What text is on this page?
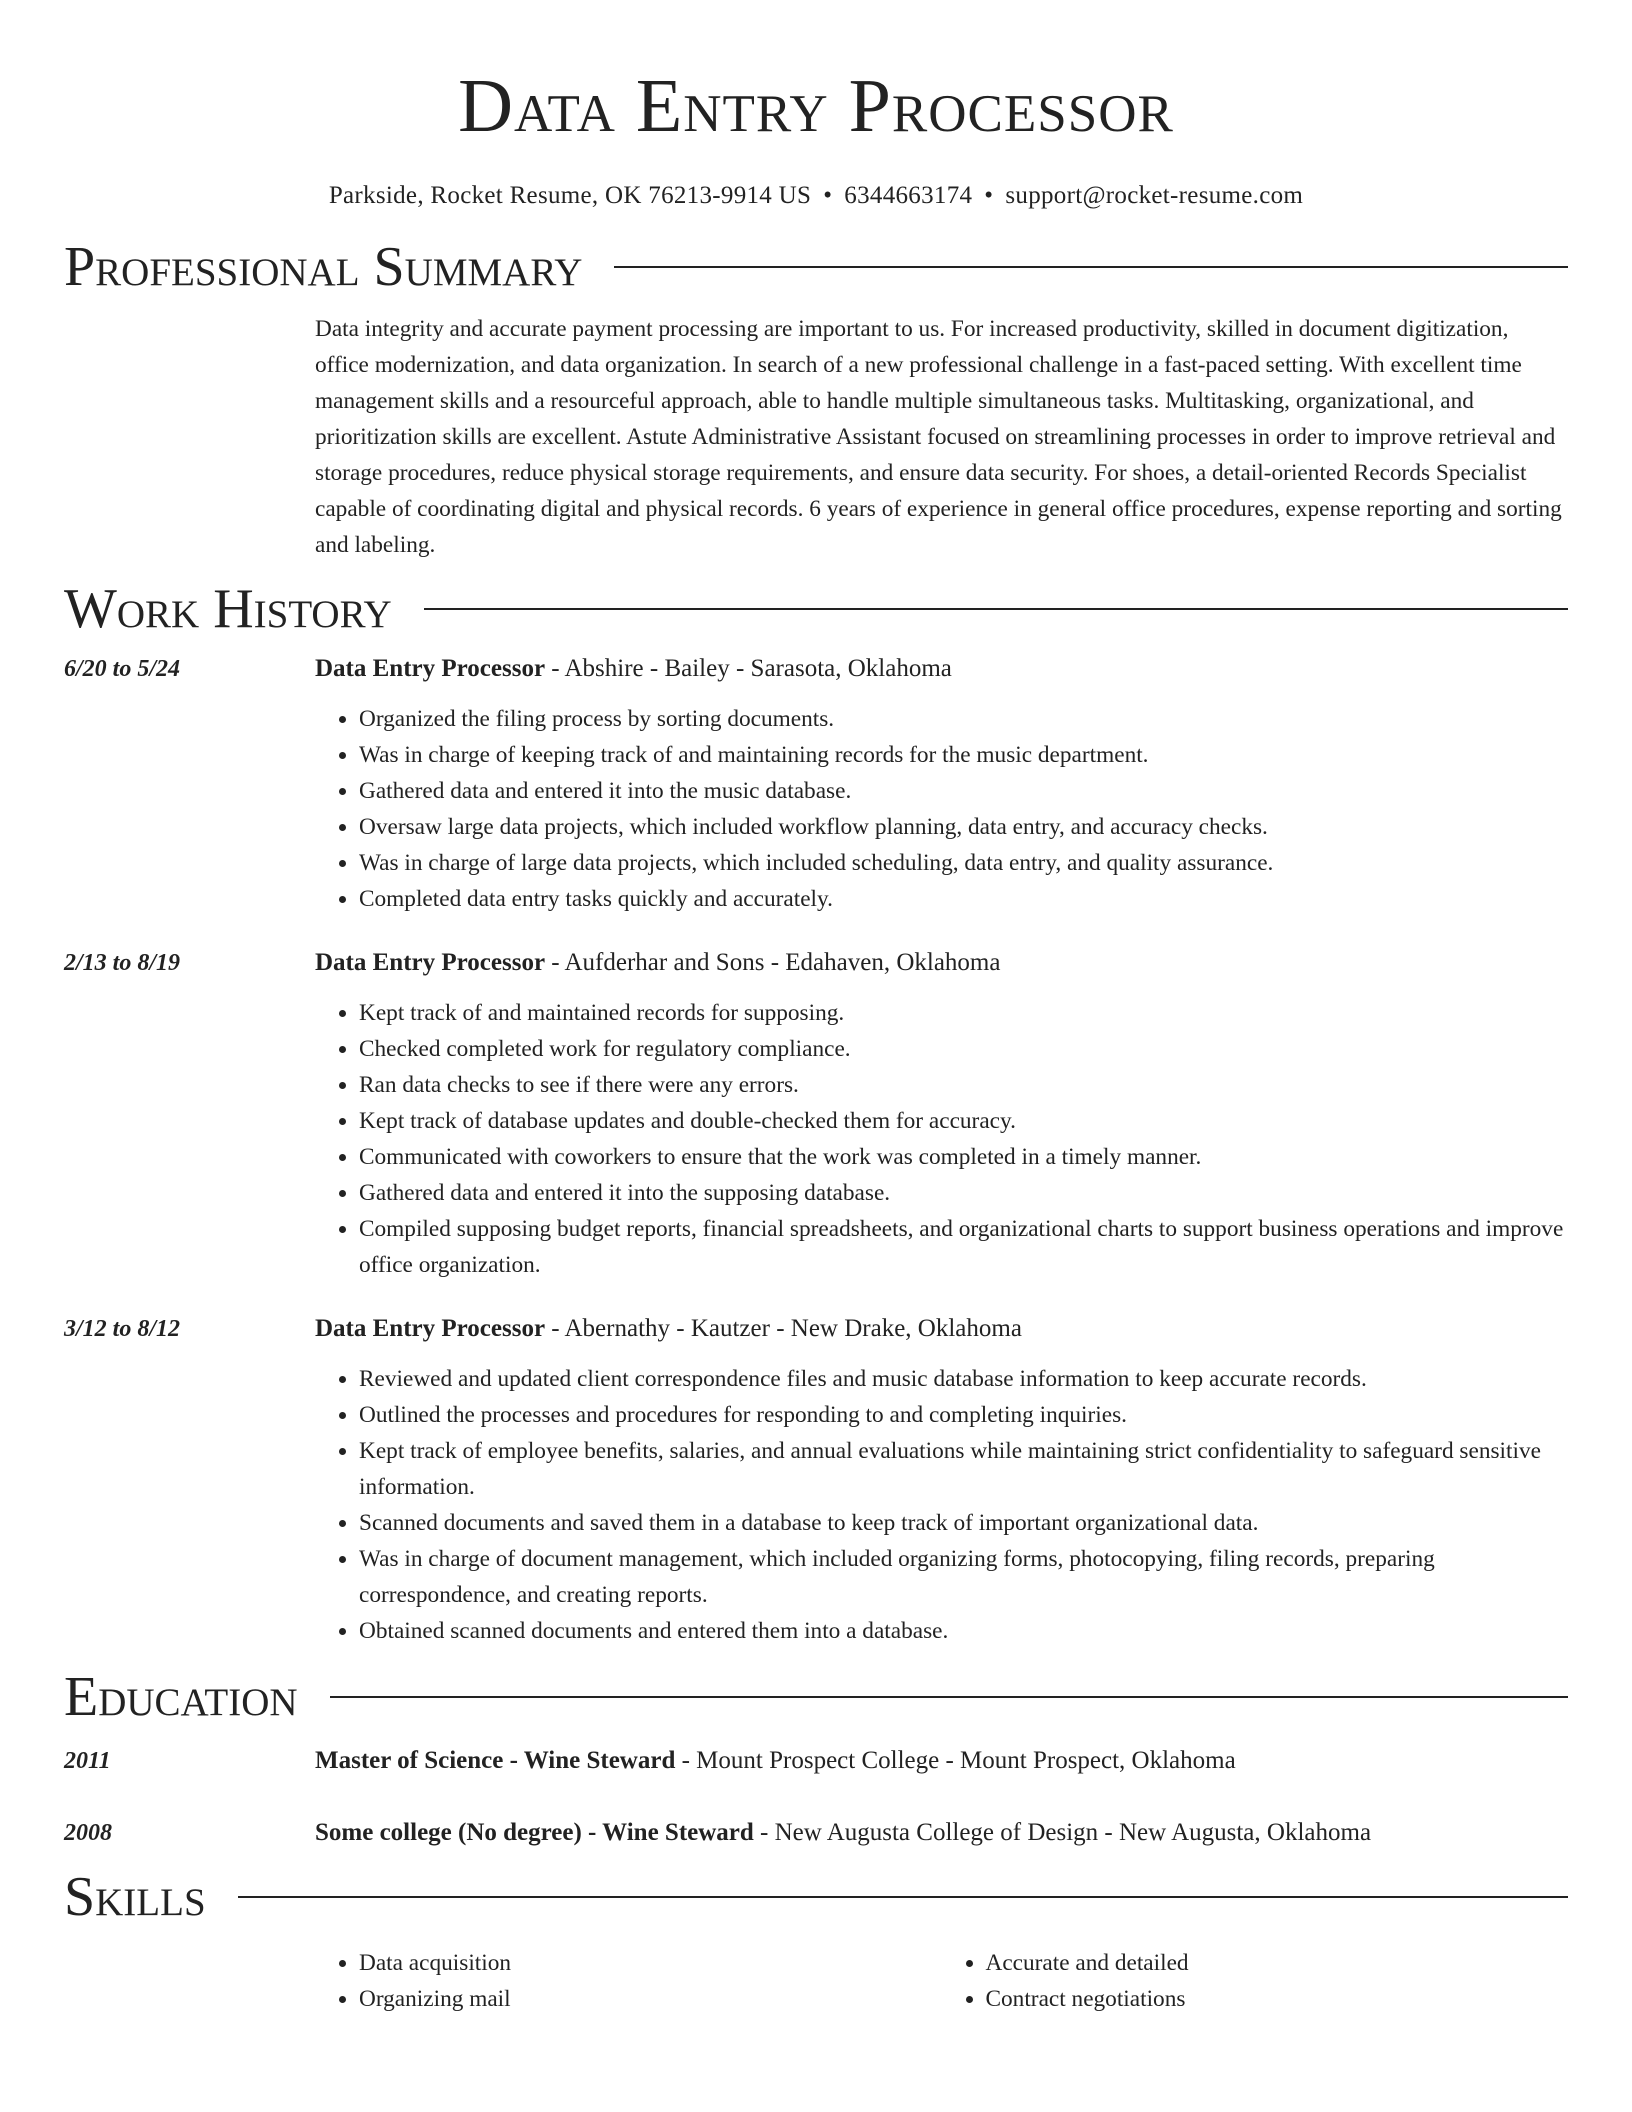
Data Entry Processor
Parkside, Rocket Resume, OK 76213-9914 US • 6344663174 • support@rocket-resume.com
Professional Summary
Data integrity and accurate payment processing are important to us. For increased productivity, skilled in document digitization, office modernization, and data organization. In search of a new professional challenge in a fast-paced setting. With excellent time management skills and a resourceful approach, able to handle multiple simultaneous tasks. Multitasking, organizational, and prioritization skills are excellent. Astute Administrative Assistant focused on streamlining processes in order to improve retrieval and storage procedures, reduce physical storage requirements, and ensure data security. For shoes, a detail-oriented Records Specialist capable of coordinating digital and physical records. 6 years of experience in general office procedures, expense reporting and sorting and labeling.
Work History
6/20 to 5/24	Data Entry Processor - Abshire - Bailey - Sarasota, Oklahoma
• Organized the filing process by sorting documents.
• Was in charge of keeping track of and maintaining records for the music department.
• Gathered data and entered it into the music database.
• Oversaw large data projects, which included workflow planning, data entry, and accuracy checks.
• Was in charge of large data projects, which included scheduling, data entry, and quality assurance.
• Completed data entry tasks quickly and accurately.
2/13 to 8/19	Data Entry Processor - Aufderhar and Sons - Edahaven, Oklahoma
• Kept track of and maintained records for supposing.
• Checked completed work for regulatory compliance.
• Ran data checks to see if there were any errors.
• Kept track of database updates and double-checked them for accuracy.
• Communicated with coworkers to ensure that the work was completed in a timely manner.
• Gathered data and entered it into the supposing database.
• Compiled supposing budget reports, financial spreadsheets, and organizational charts to support business operations and improve office organization.
3/12 to 8/12	Data Entry Processor - Abernathy - Kautzer - New Drake, Oklahoma
• Reviewed and updated client correspondence files and music database information to keep accurate records.
• Outlined the processes and procedures for responding to and completing inquiries.
• Kept track of employee benefits, salaries, and annual evaluations while maintaining strict confidentiality to safeguard sensitive information.
• Scanned documents and saved them in a database to keep track of important organizational data.
• Was in charge of document management, which included organizing forms, photocopying, filing records, preparing correspondence, and creating reports.
• Obtained scanned documents and entered them into a database.
Education
2011	Master of Science - Wine Steward - Mount Prospect College - Mount Prospect, Oklahoma
2008	Some college (No degree) - Wine Steward - New Augusta College of Design - New Augusta, Oklahoma
Skills
• Data acquisition
• Organizing mail
• Accurate and detailed
• Contract negotiations
